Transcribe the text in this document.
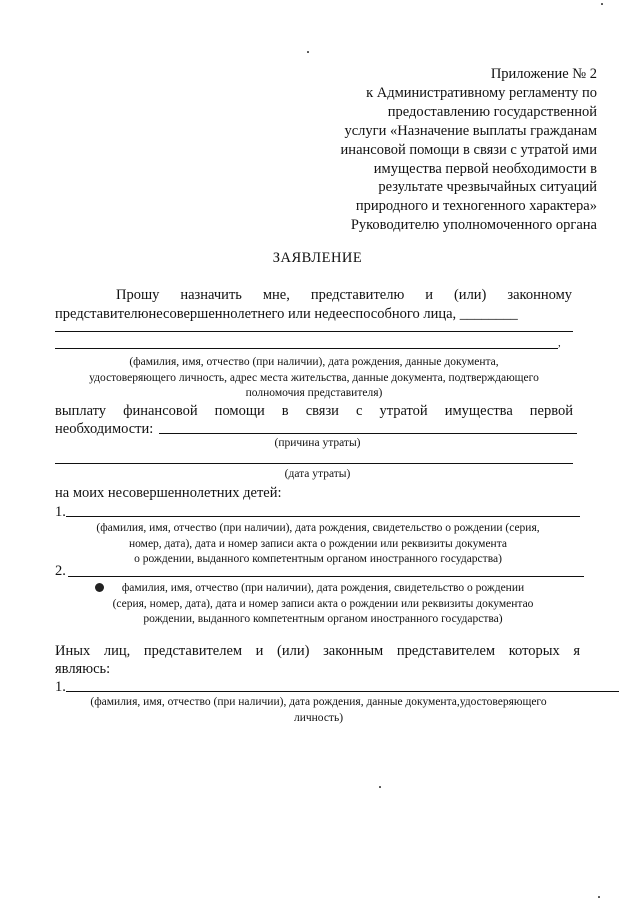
Приложение № 2
к Административному регламенту по
предоставлению государственной
услуги «Назначение выплаты гражданам
инансовой помощи в связи с утратой ими
имущества первой необходимости в
результате чрезвычайных ситуаций
природного и техногенного характера»
Руководителю уполномоченного органа
ЗАЯВЛЕНИЕ
Прошу назначить мне, представителю и (или) законному
представителюнесовершеннолетнего или недееспособного лица, ________
,
(фамилия, имя, отчество (при наличии), дата рождения, данные документа,
удостоверяющего личность, адрес места жительства, данные документа, подтверждающего
полномочия представителя)
выплату финансовой помощи в связи с утратой имущества первой
необходимости:
(причина утраты)
(дата утраты)
на моих несовершеннолетних детей:
1.
(фамилия, имя, отчество (при наличии), дата рождения, свидетельство о рождении (серия,
номер, дата), дата и номер записи акта о рождении или реквизиты документа
о рождении, выданного компетентным органом иностранного государства)
2.
фамилия, имя, отчество (при наличии), дата рождения, свидетельство о рождении
(серия, номер, дата), дата и номер записи акта о рождении или реквизиты документао
рождении, выданного компетентным органом иностранного государства)
Иных лиц, представителем и (или) законным представителем которых я
являюсь:
1.
(фамилия, имя, отчество (при наличии), дата рождения, данные документа,удостоверяющего
личность)
